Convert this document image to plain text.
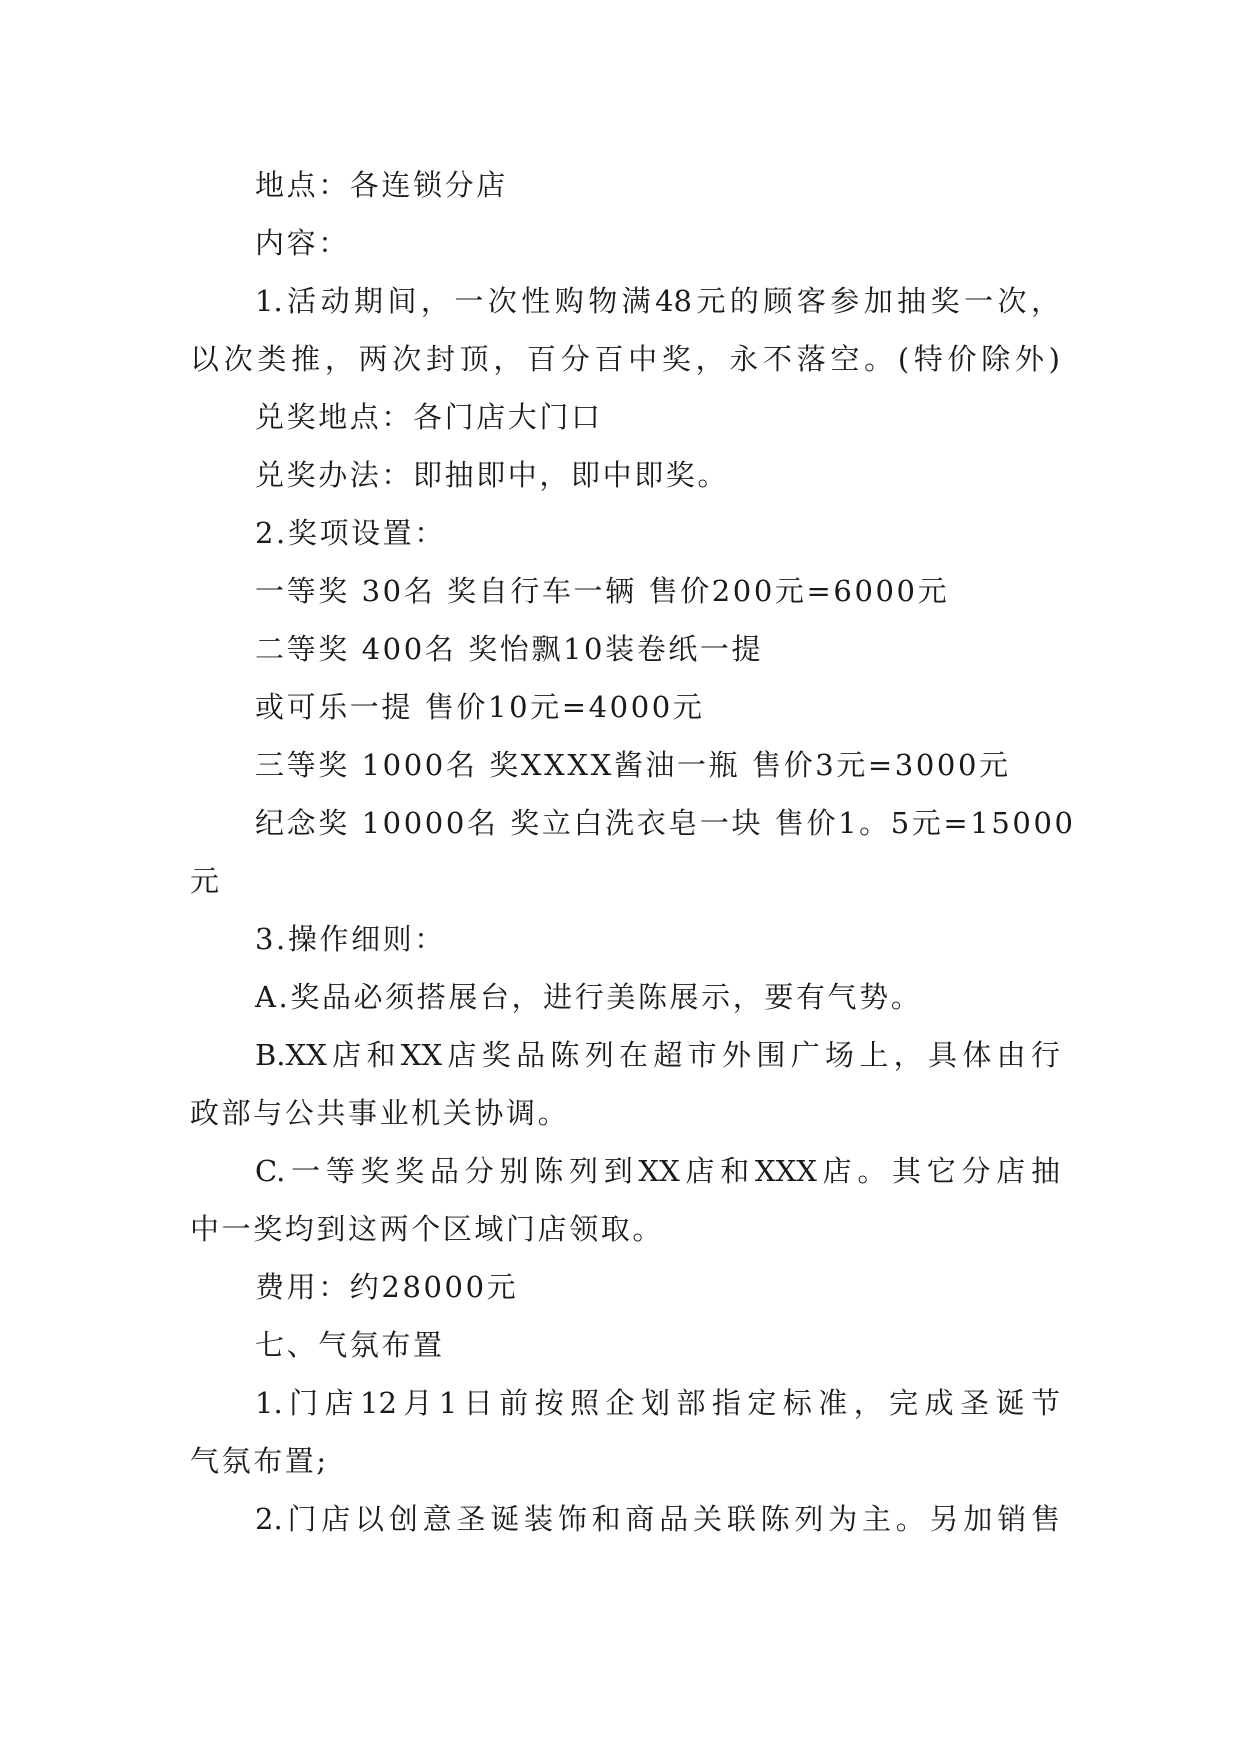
地点：各连锁分店
内容：
1.活动期间，一次性购物满48元的顾客参加抽奖一次，
以次类推，两次封顶，百分百中奖，永不落空。(特价除外)
兑奖地点：各门店大门口
兑奖办法：即抽即中，即中即奖。
2.奖项设置：
一等奖 30名 奖自行车一辆 售价200元=6000元
二等奖 400名 奖怡飘10装卷纸一提
或可乐一提 售价10元=4000元
三等奖 1000名 奖XXXX酱油一瓶 售价3元=3000元
纪念奖 10000名 奖立白洗衣皂一块 售价1。5元=15000
元
3.操作细则：
A.奖品必须搭展台，进行美陈展示，要有气势。
B.XX店和XX店奖品陈列在超市外围广场上，具体由行
政部与公共事业机关协调。
C.一等奖奖品分别陈列到XX店和XXX店。其它分店抽
中一奖均到这两个区域门店领取。
费用：约28000元
七、气氛布置
1.门店12月1日前按照企划部指定标准，完成圣诞节
气氛布置;
2.门店以创意圣诞装饰和商品关联陈列为主。另加销售
